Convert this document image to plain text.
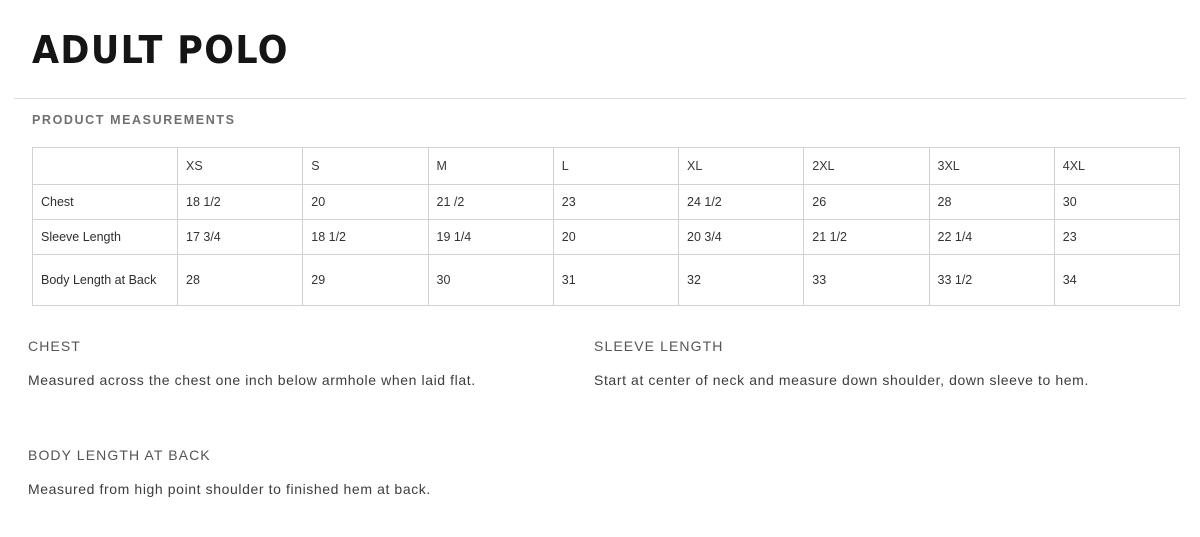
ADULT POLO
PRODUCT MEASUREMENTS
	XS	S	M	L	XL	2XL	3XL	4XL
Chest	18 1/2	20	21 /2	23	24 1/2	26	28	30
Sleeve Length	17 3/4	18 1/2	19 1/4	20	20 3/4	21 1/2	22 1/4	23
Body Length at Back	28	29	30	31	32	33	33 1/2	34
CHEST
Measured across the chest one inch below armhole when laid flat.
SLEEVE LENGTH
Start at center of neck and measure down shoulder, down sleeve to hem.
BODY LENGTH AT BACK
Measured from high point shoulder to finished hem at back.
